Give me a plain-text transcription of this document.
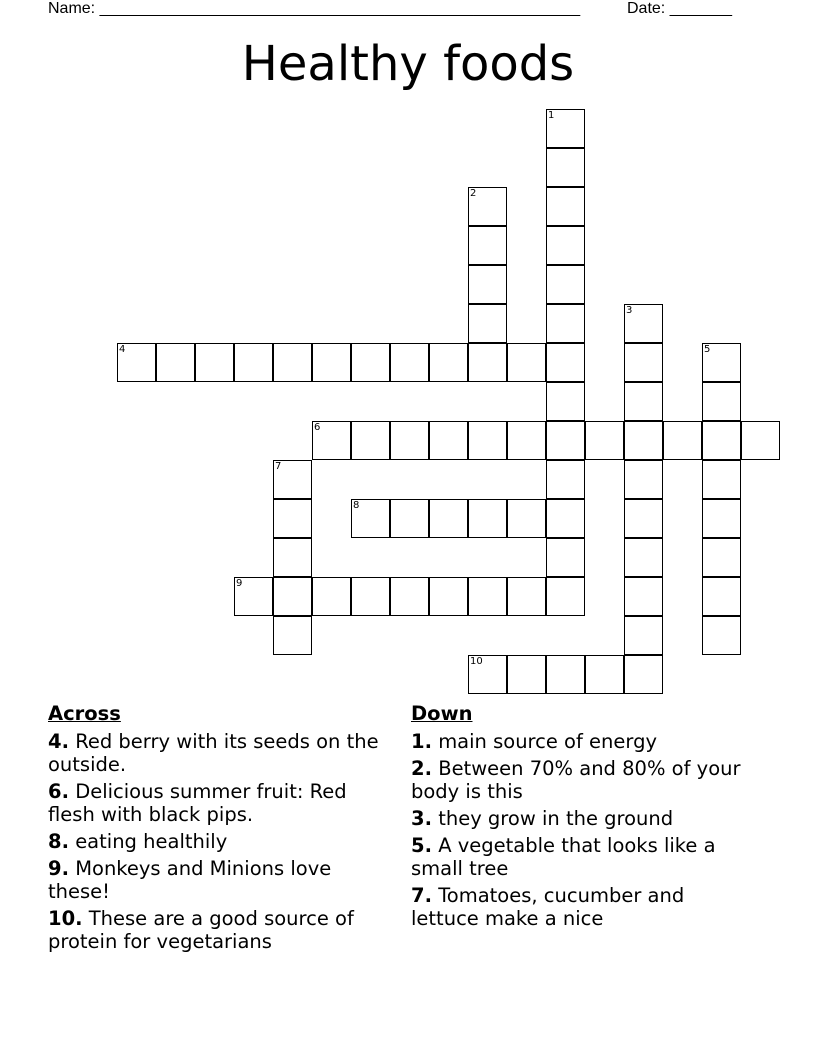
Name: ______________________________________________________	Date: _______
Healthy foods
1
2
3
4	5
6
7
8
9
10
Across
4. Red berry with its seeds on the outside.
6. Delicious summer fruit: Red flesh with black pips.
8. eating healthily
9. Monkeys and Minions love these!
10. These are a good source of protein for vegetarians
Down
1. main source of energy
2. Between 70% and 80% of your body is this
3. they grow in the ground
5. A vegetable that looks like a small tree
7. Tomatoes, cucumber and lettuce make a nice
